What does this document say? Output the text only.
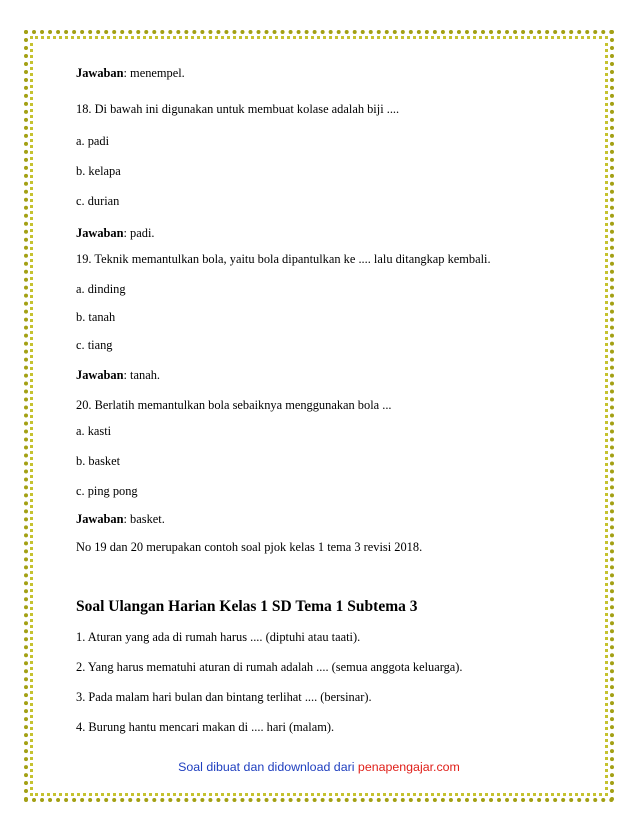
Jawaban: menempel.
18. Di bawah ini digunakan untuk membuat kolase adalah biji ....
a. padi
b. kelapa
c. durian
Jawaban: padi.
19. Teknik memantulkan bola, yaitu bola dipantulkan ke .... lalu ditangkap kembali.
a. dinding
b. tanah
c. tiang
Jawaban: tanah.
20. Berlatih memantulkan bola sebaiknya menggunakan bola ...
a. kasti
b. basket
c. ping pong
Jawaban: basket.
No 19 dan 20 merupakan contoh soal pjok kelas 1 tema 3 revisi 2018.
Soal Ulangan Harian Kelas 1 SD Tema 1 Subtema 3
1. Aturan yang ada di rumah harus .... (diptuhi atau taati).
2. Yang harus mematuhi aturan di rumah adalah .... (semua anggota keluarga).
3. Pada malam hari bulan dan bintang terlihat .... (bersinar).
4. Burung hantu mencari makan di .... hari (malam).
Soal dibuat dan didownload dari penapengajar.com
